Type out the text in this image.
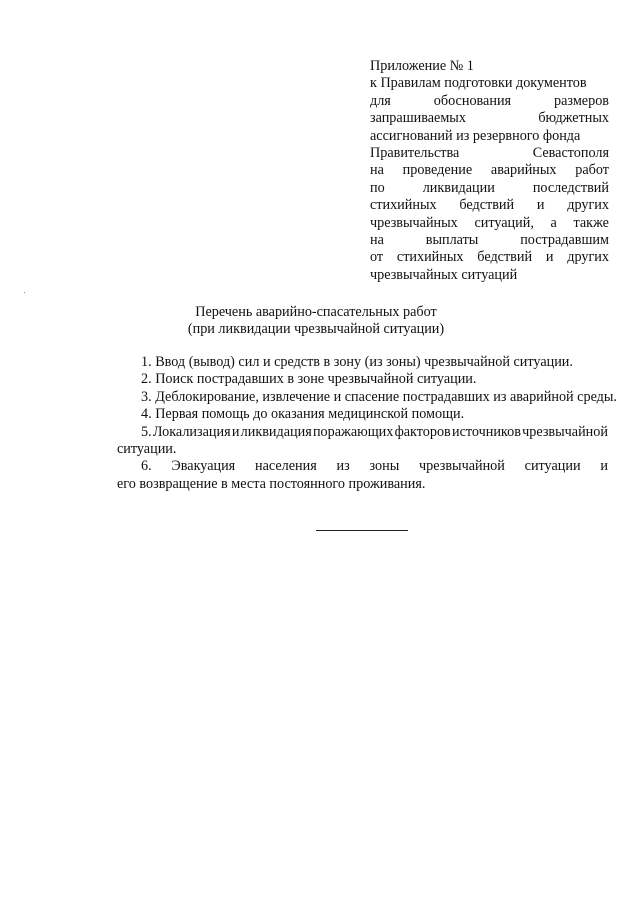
Приложение № 1
к Правилам подготовки документов
для	обоснования	размеров
запрашиваемых	бюджетных
ассигнований из резервного фонда
Правительства	Севастополя
на проведение аварийных работ
по	ликвидации	последствий
стихийных бедствий и других
чрезвычайных ситуаций, а также
на	выплаты	пострадавшим
от стихийных бедствий и других
чрезвычайных ситуаций
Перечень аварийно-спасательных работ
(при ликвидации чрезвычайной ситуации)
1. Ввод (вывод) сил и средств в зону (из зоны) чрезвычайной ситуации.
2. Поиск пострадавших в зоне чрезвычайной ситуации.
3. Деблокирование, извлечение и спасение пострадавших из аварийной среды.
4. Первая помощь до оказания медицинской помощи.
5. Локализация и ликвидация поражающих факторов источников чрезвычайной
ситуации.
6. Эвакуация населения из зоны чрезвычайной ситуации и
его возвращение в места постоянного проживания.
